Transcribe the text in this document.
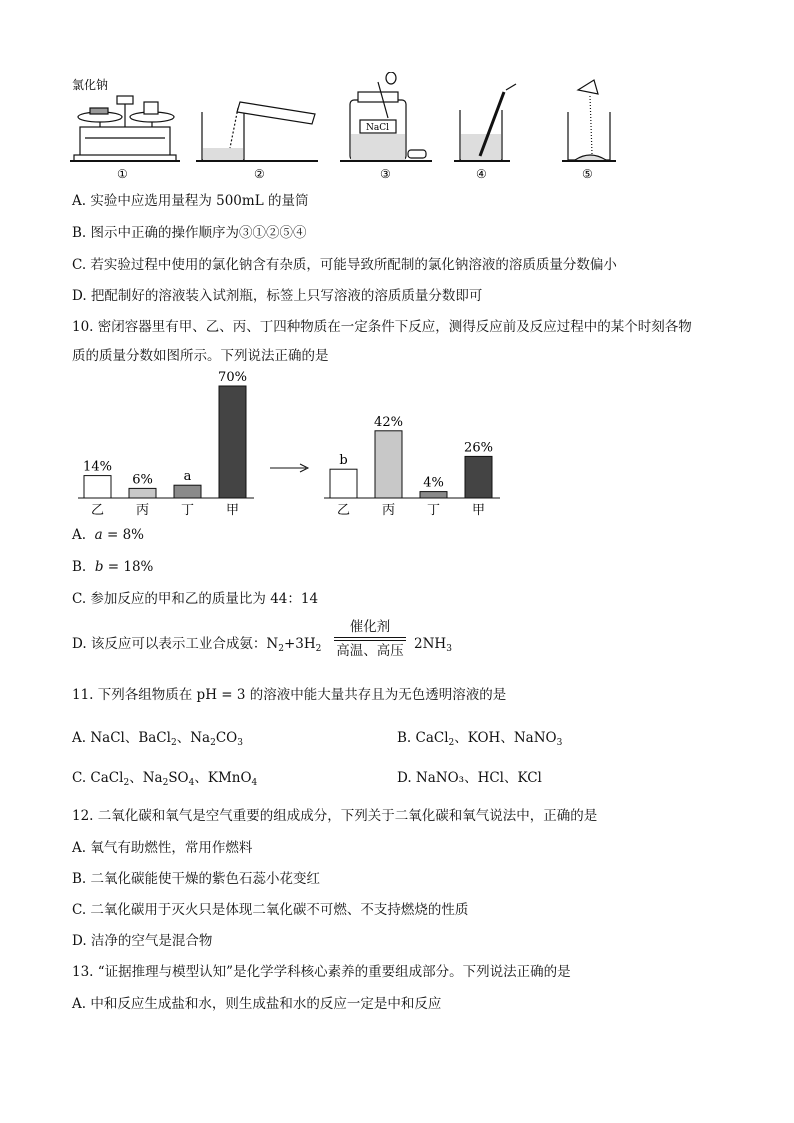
氯化钠
NaCl
①	②	③	④	⑤
A. 实验中应选用量程为 500mL 的量筒
B. 图示中正确的操作顺序为③①②⑤④
C. 若实验过程中使用的氯化钠含有杂质，可能导致所配制的氯化钠溶液的溶质质量分数偏小
D. 把配制好的溶液装入试剂瓶，标签上只写溶液的溶质质量分数即可
10. 密闭容器里有甲、乙、丙、丁四种物质在一定条件下反应，测得反应前及反应过程中的某个时刻各物
质的质量分数如图所示。下列说法正确的是
14%
乙
6%
丙
a
丁
70%
甲
b
乙
42%
丙
4%
丁
26%
甲
A. a = 8%
B. b = 18%
C. 参加反应的甲和乙的质量比为 44：14
D. 该反应可以表示工业合成氨：$N_2+3H_2$
催化剂
高温、高压 $2NH_3$
11. 下列各组物质在 pH = 3 的溶液中能大量共存且为无色透明溶液的是
A. NaCl、BaCl$_2$、$Na_2CO_3$	B. CaCl$_2$、KOH、NaNO$_3$
C. CaCl$_2$、$Na_2SO_4$、KMnO$_4$	D. NaNO₃、HCl、KCl
12. 二氧化碳和氧气是空气重要的组成成分，下列关于二氧化碳和氧气说法中，正确的是
A. 氧气有助燃性，常用作燃料
B. 二氧化碳能使干燥的紫色石蕊小花变红
C. 二氧化碳用于灭火只是体现二氧化碳不可燃、不支持燃烧的性质
D. 洁净的空气是混合物
13. “证据推理与模型认知”是化学学科核心素养的重要组成部分。下列说法正确的是
A. 中和反应生成盐和水，则生成盐和水的反应一定是中和反应
